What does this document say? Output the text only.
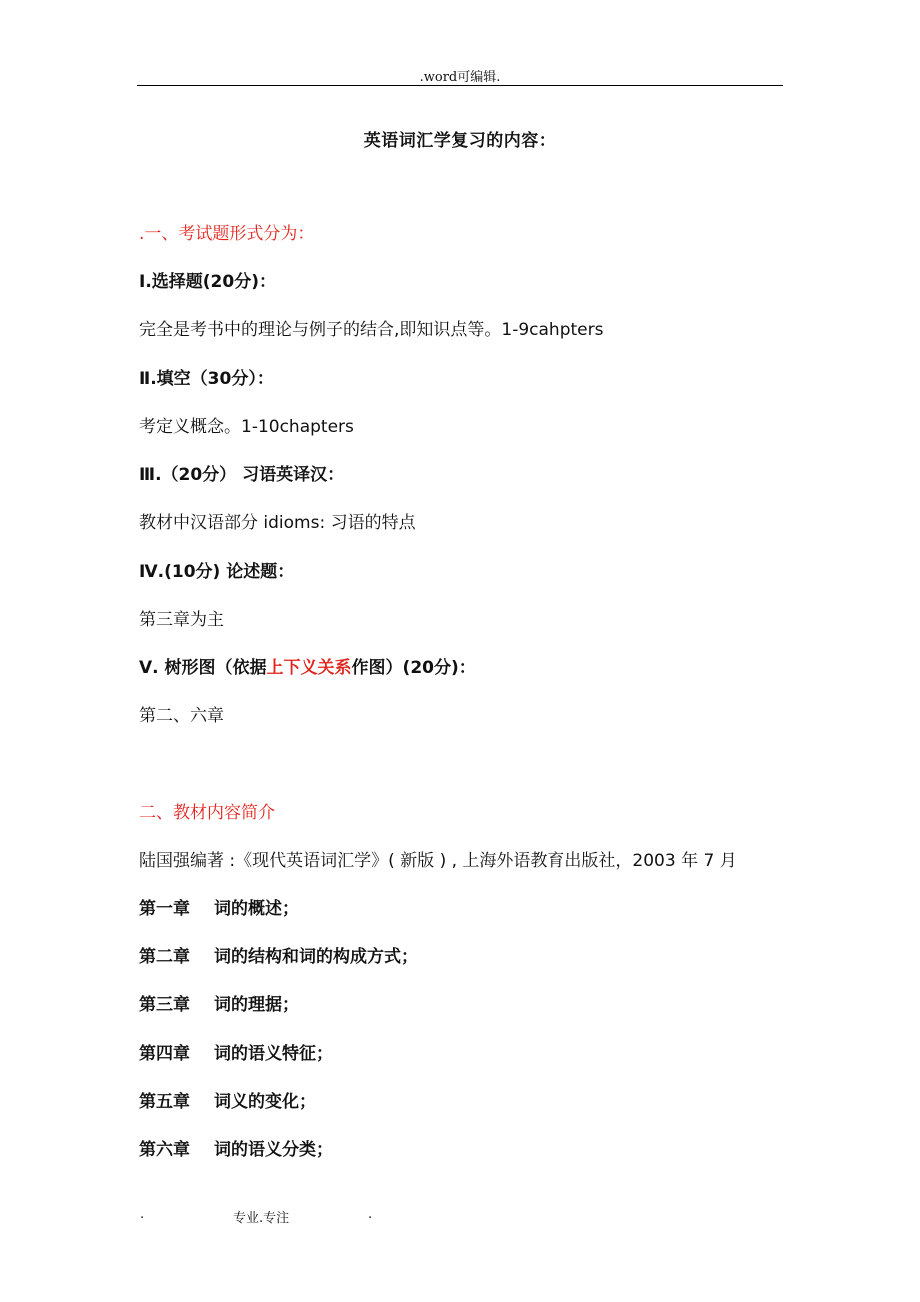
.word可编辑.
英语词汇学复习的内容：
.一、考试题形式分为：
Ⅰ.选择题(20分)：
完全是考书中的理论与例子的结合,即知识点等。1-9cahpters
Ⅱ.填空（30分）：
考定义概念。1-10chapters
Ⅲ.（20分） 习语英译汉：
教材中汉语部分 idioms: 习语的特点
Ⅳ.(10分) 论述题：
第三章为主
Ⅴ. 树形图（依据上下义关系作图）(20分)：
第二、六章
二、教材内容简介
陆国强编著 :《现代英语词汇学》( 新版 ) , 上海外语教育出版社，2003 年 7 月
第一章 词的概述；
第二章 词的结构和词的构成方式；
第三章 词的理据；
第四章 词的语义特征；
第五章 词义的变化；
第六章 词的语义分类；
.	专业.专注	.
